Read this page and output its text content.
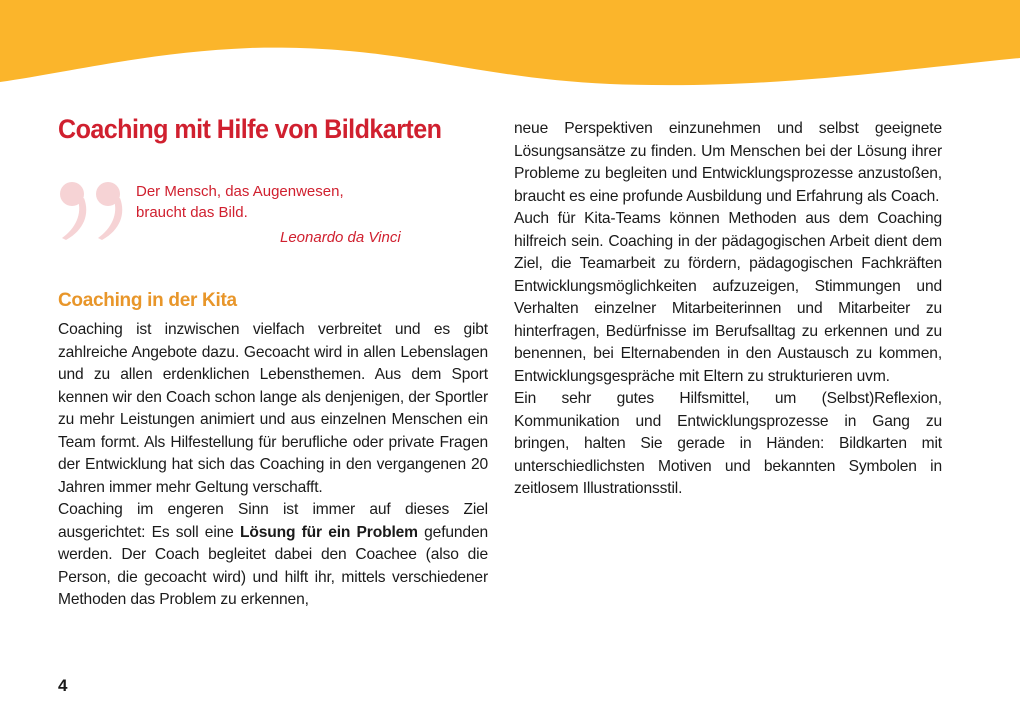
Coaching mit Hilfe von Bildkarten
Der Mensch, das Augenwesen,
braucht das Bild.
Leonardo da Vinci
Coaching in der Kita

Coaching ist inzwischen vielfach verbreitet und es gibt zahlreiche Angebote dazu. Gecoacht wird in allen Lebenslagen und zu allen erdenklichen Lebensthemen. Aus dem Sport kennen wir den Coach schon lange als denjenigen, der Sportler zu mehr Leistungen animiert und aus einzelnen Menschen ein Team formt. Als Hilfestellung für berufliche oder private Fragen der Entwicklung hat sich das Coaching in den vergangenen 20 Jahren immer mehr Geltung verschafft.

Coaching im engeren Sinn ist immer auf dieses Ziel ausgerichtet: Es soll eine Lösung für ein Problem gefunden werden. Der Coach begleitet dabei den Coachee (also die Person, die gecoacht wird) und hilft ihr, mittels verschiedener Methoden das Problem zu erkennen,

neue Perspektiven einzunehmen und selbst geeignete Lösungsansätze zu finden. Um Menschen bei der Lösung ihrer Probleme zu begleiten und Entwicklungsprozesse anzustoßen, braucht es eine profunde Ausbildung und Erfahrung als Coach.

Auch für Kita-Teams können Methoden aus dem Coaching hilfreich sein. Coaching in der pädagogischen Arbeit dient dem Ziel, die Teamarbeit zu fördern, pädagogischen Fachkräften Entwicklungsmöglichkeiten aufzuzeigen, Stimmungen und Verhalten einzelner Mitarbeiterinnen und Mitarbeiter zu hinterfragen, Bedürfnisse im Berufsalltag zu erkennen und zu benennen, bei Elternabenden in den Austausch zu kommen, Entwicklungsgespräche mit Eltern zu strukturieren uvm.

Ein sehr gutes Hilfsmittel, um (Selbst)Reflexion, Kommunikation und Entwicklungsprozesse in Gang zu bringen, halten Sie gerade in Händen: Bildkarten mit unterschiedlichsten Motiven und bekannten Symbolen in zeitlosem Illustrationsstil.

4
